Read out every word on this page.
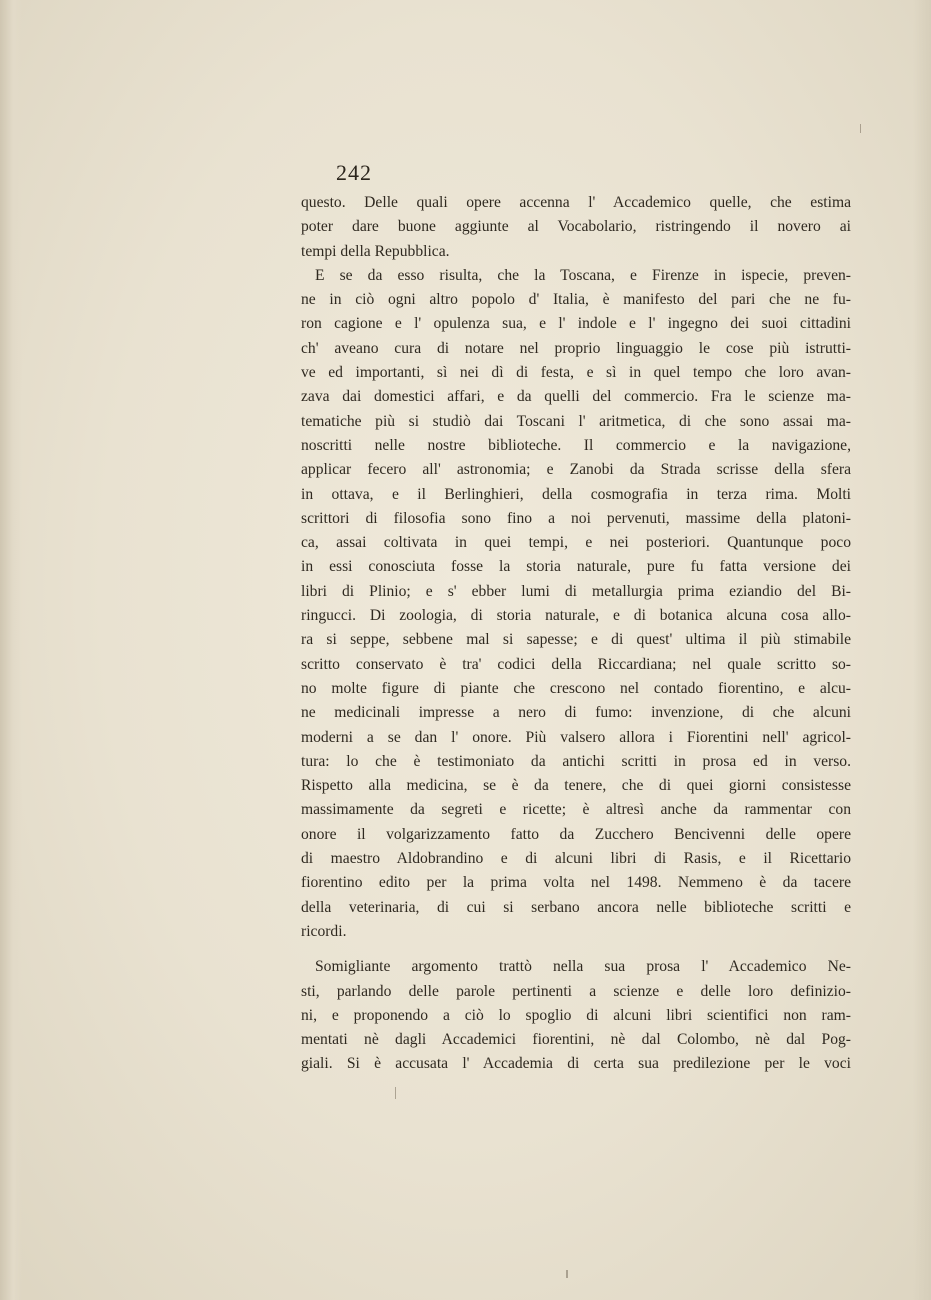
242
questo. Delle quali opere accenna l' Accademico quelle, che estima
poter dare buone aggiunte al Vocabolario, ristringendo il novero ai
tempi della Repubblica.
E se da esso risulta, che la Toscana, e Firenze in ispecie, preven-
ne in ciò ogni altro popolo d' Italia, è manifesto del pari che ne fu-
ron cagione e l' opulenza sua, e l' indole e l' ingegno dei suoi cittadini
ch' aveano cura di notare nel proprio linguaggio le cose più istrutti-
ve ed importanti, sì nei dì di festa, e sì in quel tempo che loro avan-
zava dai domestici affari, e da quelli del commercio. Fra le scienze ma-
tematiche più si studiò dai Toscani l' aritmetica, di che sono assai ma-
noscritti nelle nostre biblioteche. Il commercio e la navigazione,
applicar fecero all' astronomia; e Zanobi da Strada scrisse della sfera
in ottava, e il Berlinghieri, della cosmografia in terza rima. Molti
scrittori di filosofia sono fino a noi pervenuti, massime della platoni-
ca, assai coltivata in quei tempi, e nei posteriori. Quantunque poco
in essi conosciuta fosse la storia naturale, pure fu fatta versione dei
libri di Plinio; e s' ebber lumi di metallurgia prima eziandio del Bi-
ringucci. Di zoologia, di storia naturale, e di botanica alcuna cosa allo-
ra si seppe, sebbene mal si sapesse; e di quest' ultima il più stimabile
scritto conservato è tra' codici della Riccardiana; nel quale scritto so-
no molte figure di piante che crescono nel contado fiorentino, e alcu-
ne medicinali impresse a nero di fumo: invenzione, di che alcuni
moderni a se dan l' onore. Più valsero allora i Fiorentini nell' agricol-
tura: lo che è testimoniato da antichi scritti in prosa ed in verso.
Rispetto alla medicina, se è da tenere, che di quei giorni consistesse
massimamente da segreti e ricette; è altresì anche da rammentar con
onore il volgarizzamento fatto da Zucchero Bencivenni delle opere
di maestro Aldobrandino e di alcuni libri di Rasis, e il Ricettario
fiorentino edito per la prima volta nel 1498. Nemmeno è da tacere
della veterinaria, di cui si serbano ancora nelle biblioteche scritti e
ricordi.
Somigliante argomento trattò nella sua prosa l' Accademico Ne-
sti, parlando delle parole pertinenti a scienze e delle loro definizio-
ni, e proponendo a ciò lo spoglio di alcuni libri scientifici non ram-
mentati nè dagli Accademici fiorentini, nè dal Colombo, nè dal Pog-
giali. Si è accusata l' Accademia di certa sua predilezione per le voci
